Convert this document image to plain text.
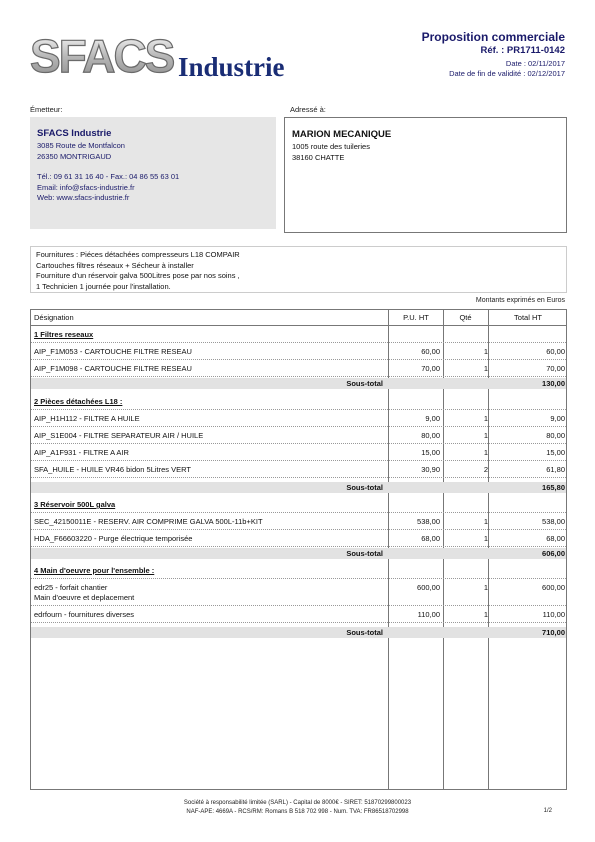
SFACS Industrie
Proposition commerciale
Réf. : PR1711-0142
Date : 02/11/2017
Date de fin de validité : 02/12/2017
Émetteur:	Adressé à:
SFACS Industrie
3085 Route de Montfalcon
26350 MONTRIGAUD
Tél.: 09 61 31 16 40 - Fax.: 04 86 55 63 01
Email: info@sfacs-industrie.fr
Web: www.sfacs-industrie.fr
MARION MECANIQUE
1005 route des tuileries
38160 CHATTE
Fournitures : Piéces détachées compresseurs L18 COMPAIR
Cartouches filtres réseaux + Sécheur à installer
Fourniture d'un réservoir galva 500Litres pose par nos soins ,
1 Technicien 1 journée pour l'installation.
Montants exprimés en Euros
Désignation	P.U. HT	Qté	Total HT
1 Filtres reseaux
AIP_F1M053 - CARTOUCHE FILTRE RESEAU	60,00	1	60,00
AIP_F1M098 - CARTOUCHE FILTRE RESEAU	70,00	1	70,00
Sous-total	130,00
2 Pièces détachées L18 :
AIP_H1H112 - FILTRE A HUILE	9,00	1	9,00
AIP_S1E004 - FILTRE SEPARATEUR AIR / HUILE	80,00	1	80,00
AIP_A1F931 - FILTRE A AIR	15,00	1	15,00
SFA_HUILE - HUILE VR46 bidon 5Litres VERT	30,90	2	61,80
Sous-total	165,80
3 Réservoir 500L galva
SEC_42150011E - RESERV. AIR COMPRIME GALVA 500L-11b+KIT	538,00	1	538,00
HDA_F66603220 - Purge électrique temporisée	68,00	1	68,00
Sous-total	606,00
4 Main d'oeuvre pour l'ensemble :
edr25 - forfait chantier
Main d'oeuvre et deplacement
600,00	1	600,00
edrfourn - fournitures diverses	110,00	1	110,00
Sous-total	710,00
Société à responsabilité limitée (SARL) - Capital de 8000€ - SIRET: 51870299800023
NAF-APE: 4669A - RCS/RM: Romans B 518 702 998 - Num. TVA: FR86518702998	1/2
